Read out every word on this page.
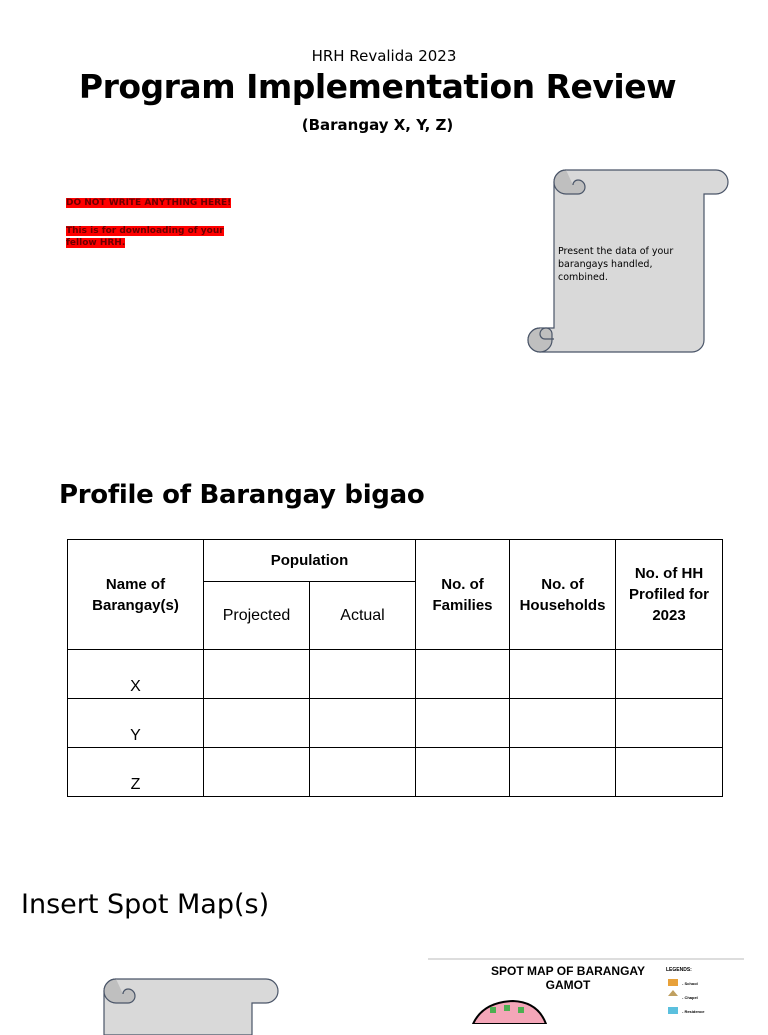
HRH Revalida 2023
Program Implementation Review
(Barangay X, Y, Z)
DO NOT WRITE ANYTHING HERE!
This is for downloading of your fellow HRH.
Present the data of your barangays handled, combined.
Profile of Barangay bigao
Name of Barangay(s)	Population		No. of Families	No. of Households	No. of HH Profiled for 2023
	Projected	Actual			
X					
Y					
Z					
Insert Spot Map(s)
SPOT MAP OF BARANGAY GAMOT
LEGENDS:
- School
- Chapel
- Residence
